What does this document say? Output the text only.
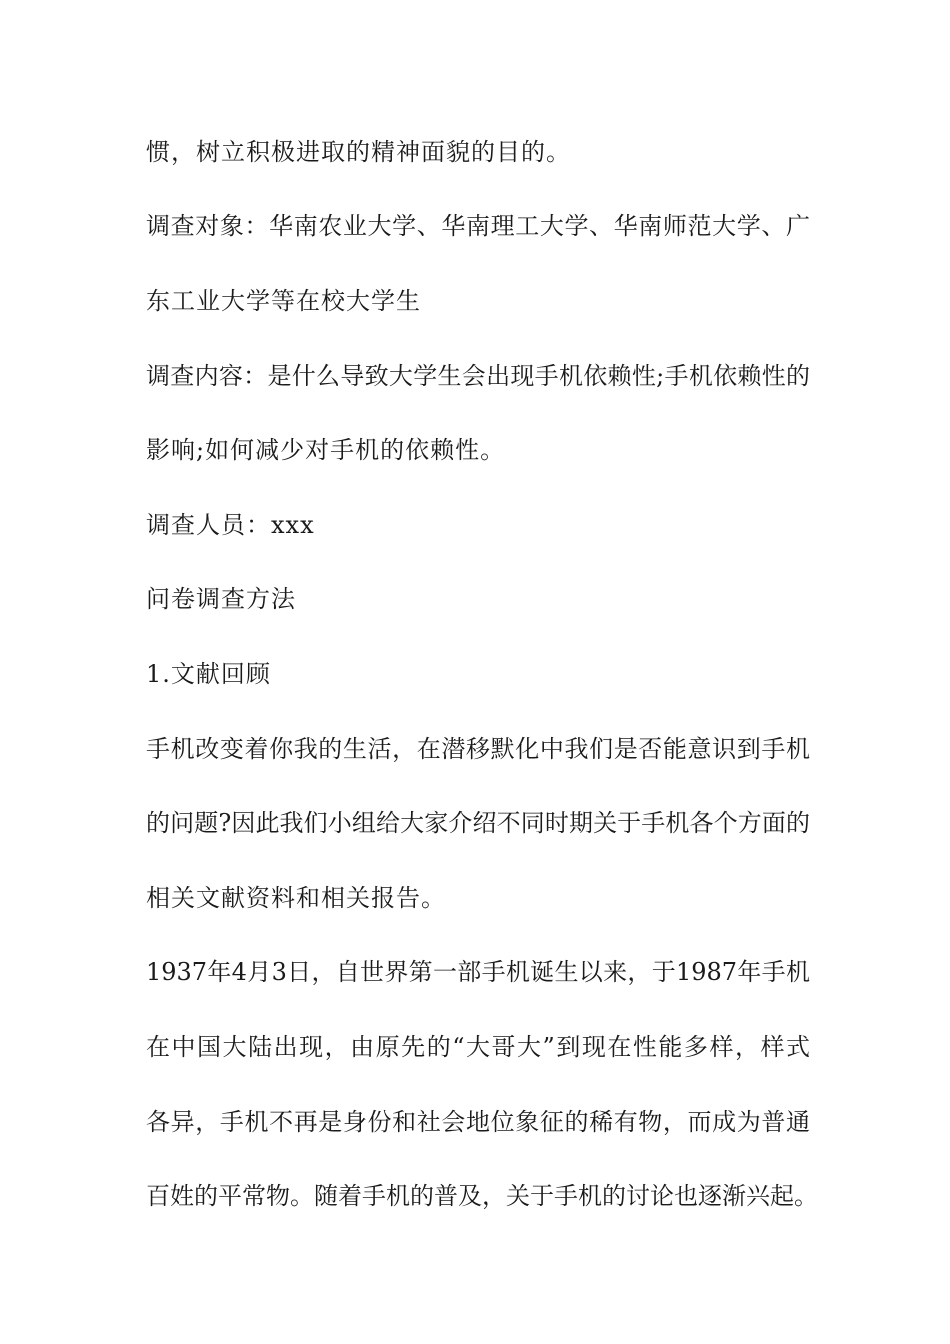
惯，树立积极进取的精神面貌的目的。
调查对象：华南农业大学、华南理工大学、华南师范大学、广
东工业大学等在校大学生
调查内容：是什么导致大学生会出现手机依赖性;手机依赖性的
影响;如何减少对手机的依赖性。
调查人员：xxx
问卷调查方法
1.文献回顾
手机改变着你我的生活，在潜移默化中我们是否能意识到手机
的问题?因此我们小组给大家介绍不同时期关于手机各个方面的
相关文献资料和相关报告。
1937年4月3日，自世界第一部手机诞生以来，于1987年手机
在中国大陆出现，由原先的“大哥大”到现在性能多样，样式
各异，手机不再是身份和社会地位象征的稀有物，而成为普通
百姓的平常物。随着手机的普及，关于手机的讨论也逐渐兴起。
